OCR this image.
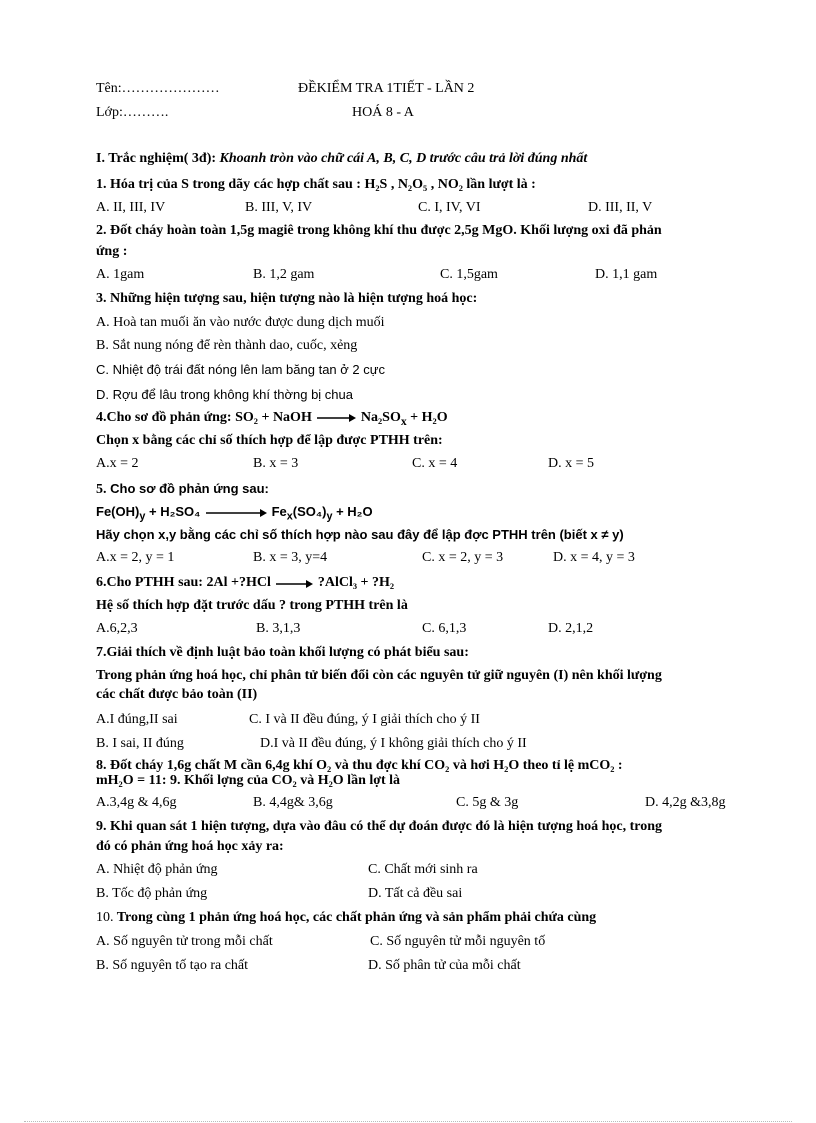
Tên:…………………	ĐỀKIỂM TRA 1TIẾT - LẦN 2
Lớp:……….	HOÁ 8 - A
I. Trắc nghiệm( 3đ): Khoanh tròn vào chữ cái A, B, C, D trước câu trả lời đúng nhất
1. Hóa trị của S trong dãy các hợp chất sau : H₂S , N₂O₅ , NO₂ lần lượt là :
A. II, III, IV	B. III, V, IV	C. I, IV, VI	D. III, II, V
2. Đốt cháy hoàn toàn 1,5g magiê trong không khí thu được 2,5g MgO. Khối lượng oxi đã phản
ứng :
A. 1gam	B. 1,2 gam	C. 1,5gam	D. 1,1 gam
3. Những hiện tượng sau, hiện tượng nào là hiện tượng hoá học:
A. Hoà tan muối ăn vào nước được dung dịch muối
B. Sắt nung nóng để rèn thành dao, cuốc, xẻng
C. Nhiệt độ trái đất nóng lên lam băng tan ở 2 cực
D. Rợu để lâu trong không khí thờng bị chua
4.Cho sơ đồ phản ứng: SO₂ + NaOH → $Na_2SO_x + H_2O$
Chọn x bằng các chỉ số thích hợp để lập được PTHH trên:
A.x = 2	B. x = 3	C. x = 4	D. x = 5
5. Cho sơ đồ phản ứng sau:
$Fe(OH)_y + H_2SO_4$	$Fe_x(SO_4)_y + H_2O$
Hãy chọn x,y bằng các chỉ số thích hợp nào sau đây để lập đợc PTHH trên (biết x ≠ y)
A.x = 2, y = 1	B. x = 3, y=4	C. x = 2, y = 3	D. x = 4, y = 3
6.Cho PTHH sau: 2Al +?HCl → ?AlCl₃ + ?H₂
Hệ số thích hợp đặt trước dấu ? trong PTHH trên là
A.6,2,3	B. 3,1,3	C. 6,1,3	D. 2,1,2
7.Giải thích về định luật bảo toàn khối lượng có phát biểu sau:
Trong phản ứng hoá học, chỉ phân tử biến đổi còn các nguyên tử giữ nguyên (I) nên khối lượng
các chất được bảo toàn (II)
A.I đúng,II sai	C. I và II đều đúng, ý I giải thích cho ý II
B. I sai, II đúng	D.I và II đều đúng, ý I không giải thích cho ý II
8. Đốt cháy 1,6g chất M cần 6,4g khí O₂ và thu đợc khí CO₂ và hơi H₂O theo tỉ lệ mCO₂ :
mH₂O = 11: 9. Khối lợng của CO₂ và H₂O lần lợt là
A.3,4g & 4,6g	B. 4,4g& 3,6g	C. 5g & 3g	D. 4,2g &3,8g
9. Khi quan sát 1 hiện tượng, dựa vào đâu có thể dự đoán được đó là hiện tượng hoá học, trong
đó có phản ứng hoá học xảy ra:
A. Nhiệt độ phản ứng	C. Chất mới sinh ra
B. Tốc độ phản ứng	D. Tất cả đều sai
10. Trong cùng 1 phản ứng hoá học, các chất phản ứng và sản phẩm phải chứa cùng
A. Số nguyên tử trong mỗi chất	C. Số nguyên tử mỗi nguyên tố
B. Số nguyên tố tạo ra chất	D. Số phân tử của mỗi chất
